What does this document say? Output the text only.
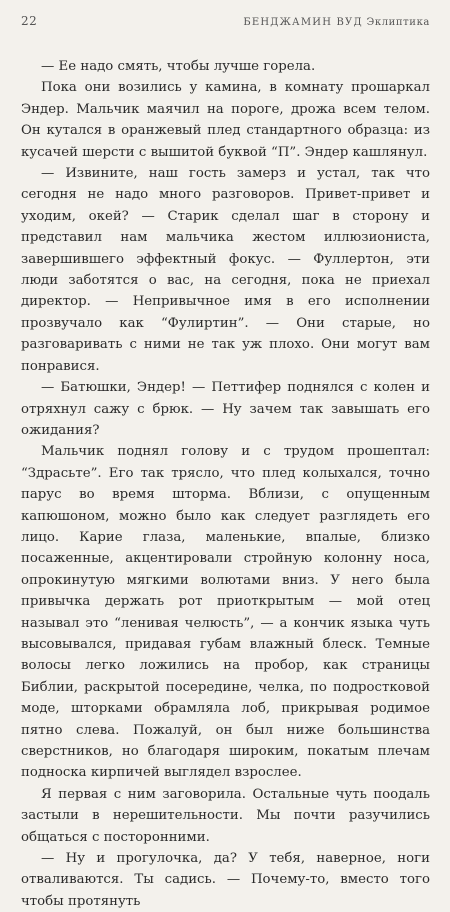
22	БЕНДЖАМИН ВУД Эклиптика

— Ее надо смять, чтобы лучше горела.

Пока они возились у камина, в комнату прошаркал Эндер. Мальчик маячил на пороге, дрожа всем телом. Он кутался в оранжевый плед стандартного образца: из кусачей шерсти с вышитой буквой “П”. Эндер кашлянул.

— Извините, наш гость замерз и устал, так что сегодня не надо много разговоров. Привет-привет и уходим, окей? — Старик сделал шаг в сторону и представил нам мальчика жестом иллюзиониста, завершившего эффектный фокус. — Фуллертон, эти люди заботятся о вас, на сегодня, пока не приехал директор. — Непривычное имя в его исполнении прозвучало как “Фулиртин”. — Они старые, но разговаривать с ними не так уж плохо. Они могут вам понравися.

— Батюшки, Эндер! — Петтифер поднялся с колен и отряхнул сажу с брюк. — Ну зачем так завышать его ожидания?

Мальчик поднял голову и с трудом прошептал: “Здрасьте”. Его так трясло, что плед колыхался, точно парус во время шторма. Вблизи, с опущенным капюшоном, можно было как следует разглядеть его лицо. Карие глаза, маленькие, впалые, близко посаженные, акцентировали стройную колонну носа, опрокинутую мягкими волютами вниз. У него была привычка держать рот приоткрытым — мой отец называл это “ленивая челюсть”, — а кончик языка чуть высовывался, придавая губам влажный блеск. Темные волосы легко ложились на пробор, как страницы Библии, раскрытой посередине, челка, по подростковой моде, шторками обрамляла лоб, прикрывая родимое пятно слева. Пожалуй, он был ниже большинства сверстников, но благодаря широким, покатым плечам подноска кирпичей выглядел взрослее.

Я первая с ним заговорила. Остальные чуть поодаль застыли в нерешительности. Мы почти разучились общаться с посторонними.

— Ну и прогулочка, да? У тебя, наверное, ноги отваливаются. Ты садись. — Почему-то, вместо того чтобы протянуть
